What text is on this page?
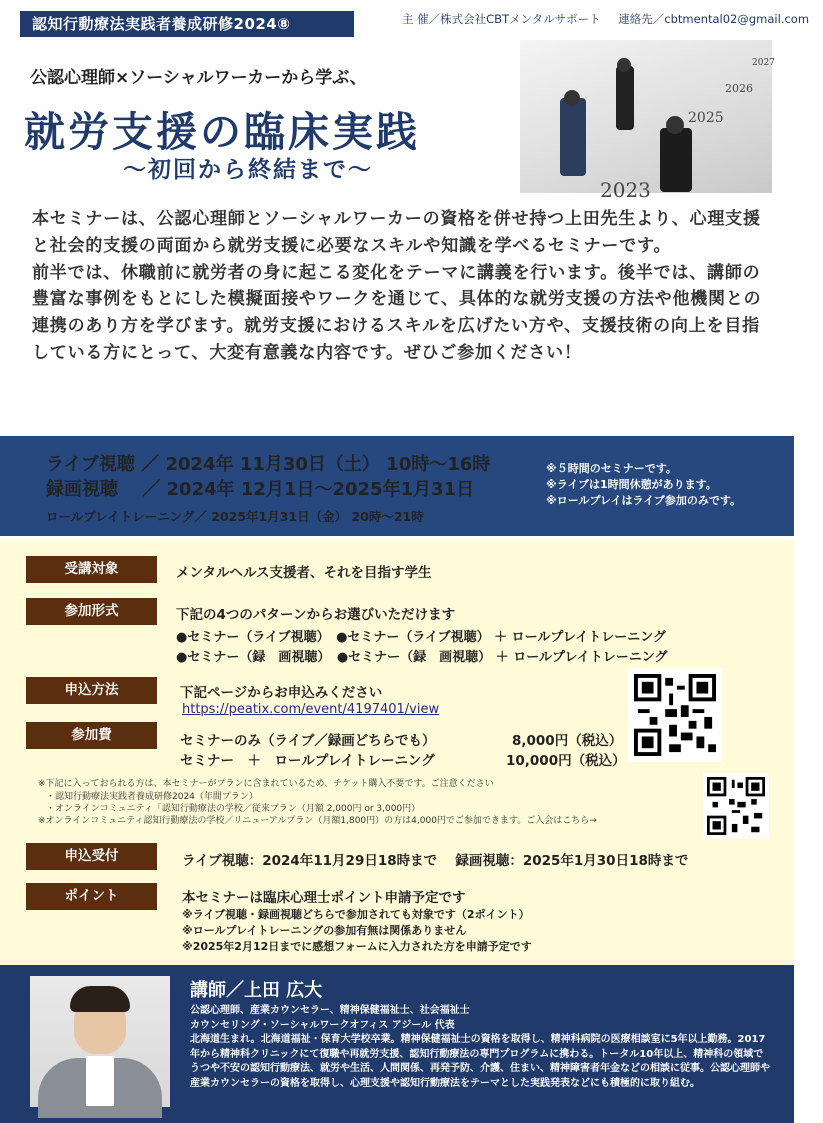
認知行動療法実践者養成研修2024⑧	主 催／株式会社CBTメンタルサポート 連絡先／cbtmental02@gmail.com
公認心理師×ソーシャルワーカーから学ぶ、
就労支援の臨床実践
〜初回から終結まで〜
2023
2025
2026
2027

本セミナーは、公認心理師とソーシャルワーカーの資格を併せ持つ上田先生より、心理支援と社会的支援の両面から就労支援に必要なスキルや知識を学べるセミナーです。

前半では、休職前に就労者の身に起こる変化をテーマに講義を行います。後半では、講師の豊富な事例をもとにした模擬面接やワークを通じて、具体的な就労支援の方法や他機関との連携のあり方を学びます。就労支援におけるスキルを広げたい方や、支援技術の向上を目指している方にとって、大変有意義な内容です。ぜひご参加ください！

ライブ視聴 ／ 2024年 11月30日（土） 10時〜16時
録画視聴　 ／ 2024年 12月1日〜2025年1月31日
ロールプレイトレーニング／ 2025年1月31日（金） 20時〜21時
※５時間のセミナーです。
※ライブは1時間休憩があります。
※ロールプレイはライブ参加のみです。
受講対象	メンタルヘルス支援者、それを目指す学生
参加形式	下記の4つのパターンからお選びいただけます
●セミナー（ライブ視聴）　●セミナー（ライブ視聴） ＋ ロールプレイトレーニング
●セミナー（録　画視聴）　●セミナー（録　画視聴） ＋ ロールプレイトレーニング
申込方法	下記ページからお申込みください
https://peatix.com/event/4197401/view
参加費	セミナーのみ（ライブ／録画どちらでも）	8,000円（税込）
セミナー　＋　ロールプレイトレーニング	10,000円（税込）
※下記に入っておられる方は、本セミナーがプランに含まれているため、チケット購入不要です。ご注意ください
・認知行動療法実践者養成研修2024（年間プラン）
・オンラインコミュニティ「認知行動療法の学校／従来プラン（月額 2,000円 or 3,000円）
※オンラインコミュニティ認知行動療法の学校／リニューアルプラン（月額1,800円）の方は4,000円でご参加できます。ご入会はこちら→
申込受付	ライブ視聴：2024年11月29日18時まで　 録画視聴：2025年1月30日18時まで
ポイント	本セミナーは臨床心理士ポイント申請予定です
※ライブ視聴・録画視聴どちらで参加されても対象です（2ポイント）
※ロールプレイトレーニングの参加有無は関係ありません
※2025年2月12日までに感想フォームに入力された方を申請予定です
講師／上田 広大
公認心理師、産業カウンセラー、精神保健福祉士、社会福祉士
カウンセリング・ソーシャルワークオフィス アジール 代表
北海道生まれ。北海道福祉・保育大学校卒業。精神保健福祉士の資格を取得し、精神科病院の医療相談室に5年以上勤務。2017年から精神科クリニックにて復職や再就労支援、認知行動療法の専門プログラムに携わる。トータル10年以上、精神科の領域でうつや不安の認知行動療法、就労や生活、人間関係、再発予防、介護、住まい、精神障害者年金などの相談に従事。公認心理師や産業カウンセラーの資格を取得し、心理支援や認知行動療法をテーマとした実践発表などにも積極的に取り組む。
